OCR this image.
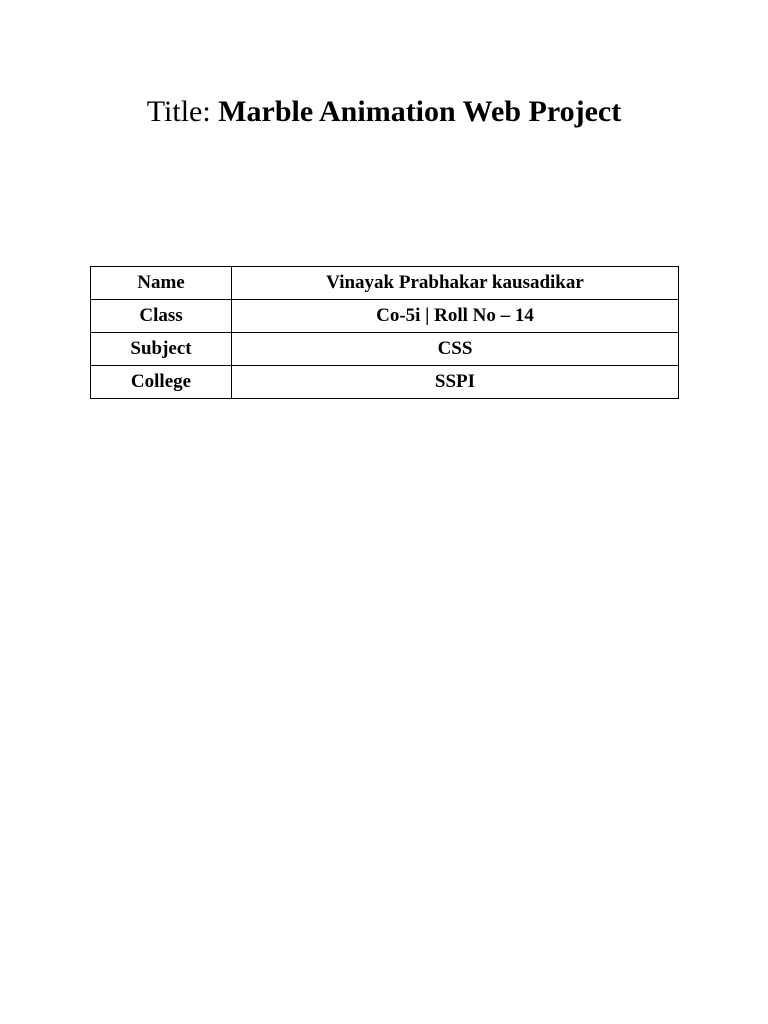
Title: Marble Animation Web Project
Name	Vinayak Prabhakar kausadikar
Class	Co-5i | Roll No – 14
Subject	CSS
College	SSPI
